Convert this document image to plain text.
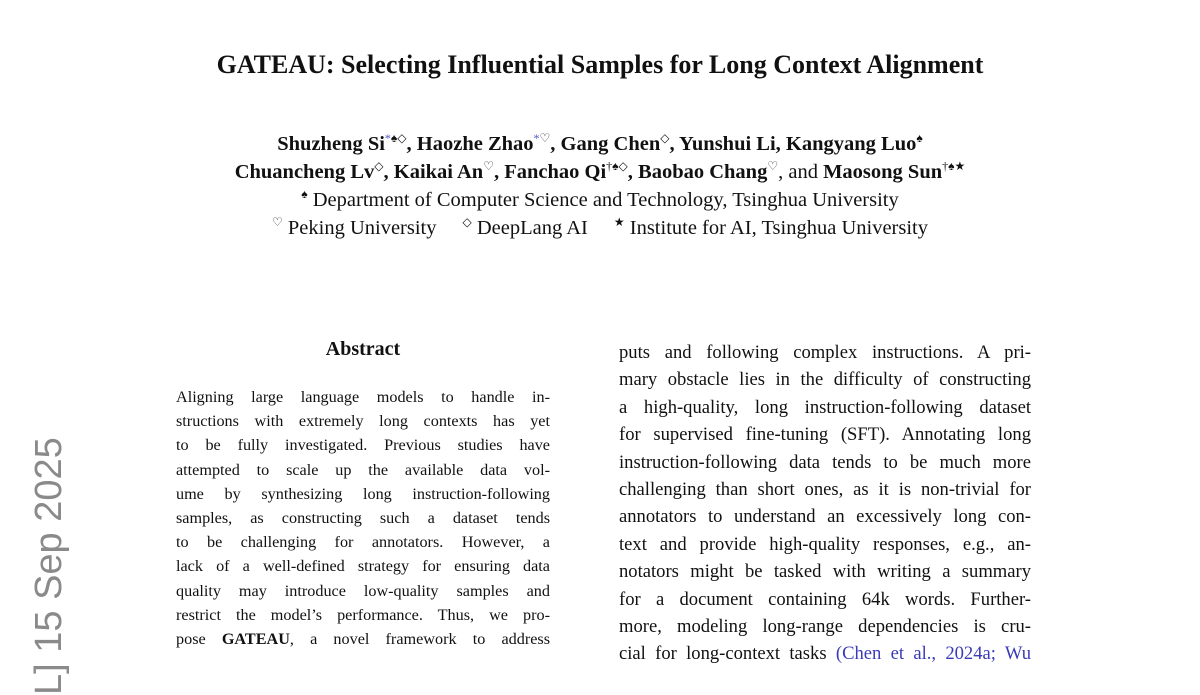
GATEAU: Selecting Influential Samples for Long Context Alignment
Shuzheng Si*♠◇, Haozhe Zhao*♡, Gang Chen◇, Yunshui Li, Kangyang Luo♠
Chuancheng Lv◇, Kaikai An♡, Fanchao Qi†♠◇, Baobao Chang♡, and Maosong Sun†♠★
♠ Department of Computer Science and Technology, Tsinghua University
♡ Peking University ◇ DeepLang AI ★ Institute for AI, Tsinghua University
L] 15 Sep 2025
Abstract
Aligning large language models to handle in-
structions with extremely long contexts has yet
to be fully investigated. Previous studies have
attempted to scale up the available data vol-
ume by synthesizing long instruction-following
samples, as constructing such a dataset tends
to be challenging for annotators. However, a
lack of a well-defined strategy for ensuring data
quality may introduce low-quality samples and
restrict the model’s performance. Thus, we pro-
pose GATEAU, a novel framework to address
puts and following complex instructions. A pri-
mary obstacle lies in the difficulty of constructing
a high-quality, long instruction-following dataset
for supervised fine-tuning (SFT). Annotating long
instruction-following data tends to be much more
challenging than short ones, as it is non-trivial for
annotators to understand an excessively long con-
text and provide high-quality responses, e.g., an-
notators might be tasked with writing a summary
for a document containing 64k words. Further-
more, modeling long-range dependencies is cru-
cial for long-context tasks (Chen et al., 2024a; Wu
